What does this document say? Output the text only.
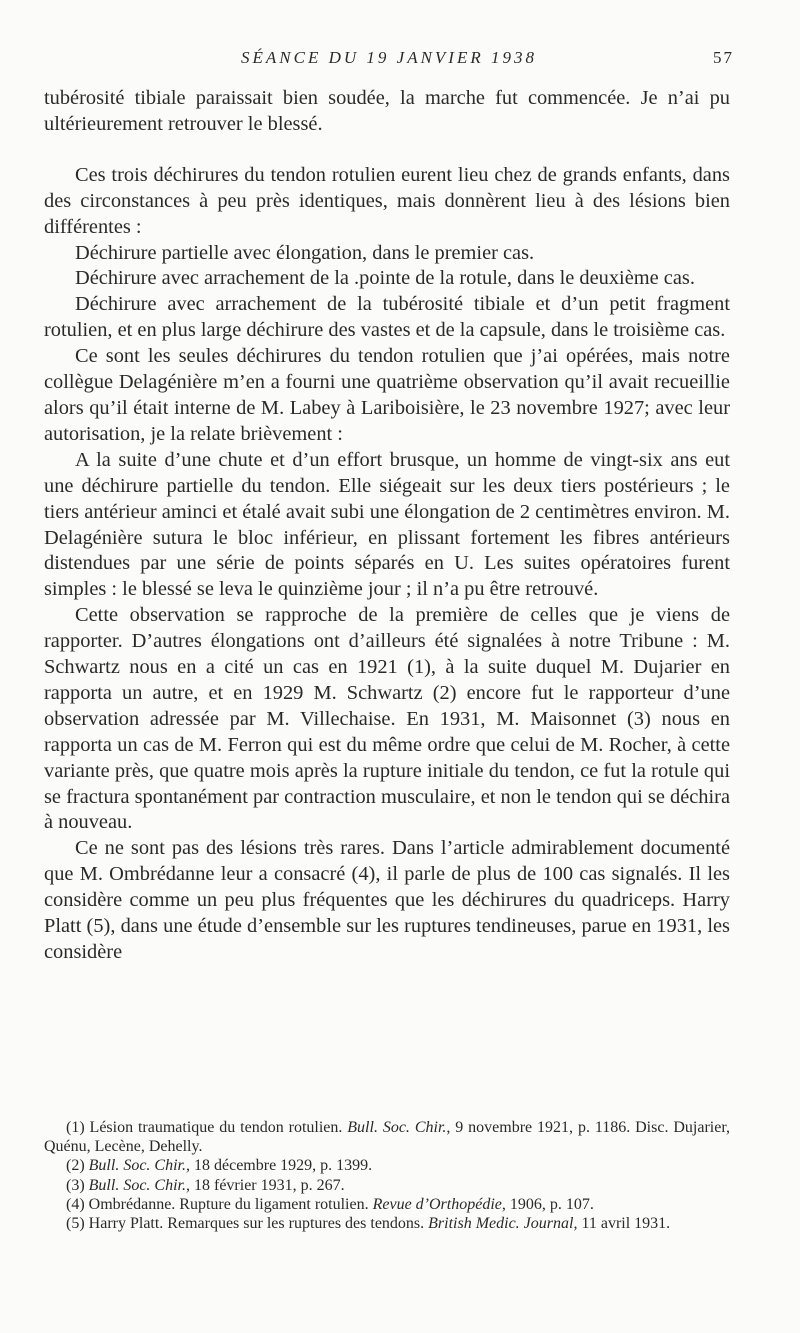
SÉANCE DU 19 JANVIER 1938	57

tubérosité tibiale paraissait bien soudée, la marche fut commencée. Je n’ai pu ultérieurement retrouver le blessé.

Ces trois déchirures du tendon rotulien eurent lieu chez de grands enfants, dans des circonstances à peu près identiques, mais donnèrent lieu à des lésions bien différentes :

Déchirure partielle avec élongation, dans le premier cas.

Déchirure avec arrachement de la .pointe de la rotule, dans le deuxième cas.

Déchirure avec arrachement de la tubérosité tibiale et d’un petit fragment rotulien, et en plus large déchirure des vastes et de la capsule, dans le troisième cas.

Ce sont les seules déchirures du tendon rotulien que j’ai opérées, mais notre collègue Delagénière m’en a fourni une quatrième observation qu’il avait recueillie alors qu’il était interne de M. Labey à Lariboisière, le 23 novembre 1927; avec leur autorisation, je la relate brièvement :

A la suite d’une chute et d’un effort brusque, un homme de vingt-six ans eut une déchirure partielle du tendon. Elle siégeait sur les deux tiers postérieurs ; le tiers antérieur aminci et étalé avait subi une élongation de 2 centimètres environ. M. Delagénière sutura le bloc inférieur, en plissant fortement les fibres antérieurs distendues par une série de points séparés en U. Les suites opératoires furent simples : le blessé se leva le quinzième jour ; il n’a pu être retrouvé.

Cette observation se rapproche de la première de celles que je viens de rapporter. D’autres élongations ont d’ailleurs été signalées à notre Tribune : M. Schwartz nous en a cité un cas en 1921 (1), à la suite duquel M. Dujarier en rapporta un autre, et en 1929 M. Schwartz (2) encore fut le rapporteur d’une observation adressée par M. Villechaise. En 1931, M. Maisonnet (3) nous en rapporta un cas de M. Ferron qui est du même ordre que celui de M. Rocher, à cette variante près, que quatre mois après la rupture initiale du tendon, ce fut la rotule qui se fractura spontanément par contraction musculaire, et non le tendon qui se déchira à nouveau.

Ce ne sont pas des lésions très rares. Dans l’article admirablement documenté que M. Ombrédanne leur a consacré (4), il parle de plus de 100 cas signalés. Il les considère comme un peu plus fréquentes que les déchirures du quadriceps. Harry Platt (5), dans une étude d’ensemble sur les ruptures tendineuses, parue en 1931, les considère

(1) Lésion traumatique du tendon rotulien. Bull. Soc. Chir., 9 novembre 1921, p. 1186. Disc. Dujarier, Quénu, Lecène, Dehelly.

(2) Bull. Soc. Chir., 18 décembre 1929, p. 1399.

(3) Bull. Soc. Chir., 18 février 1931, p. 267.

(4) Ombrédanne. Rupture du ligament rotulien. Revue d’Orthopédie, 1906, p. 107.

(5) Harry Platt. Remarques sur les ruptures des tendons. British Medic. Journal, 11 avril 1931.
